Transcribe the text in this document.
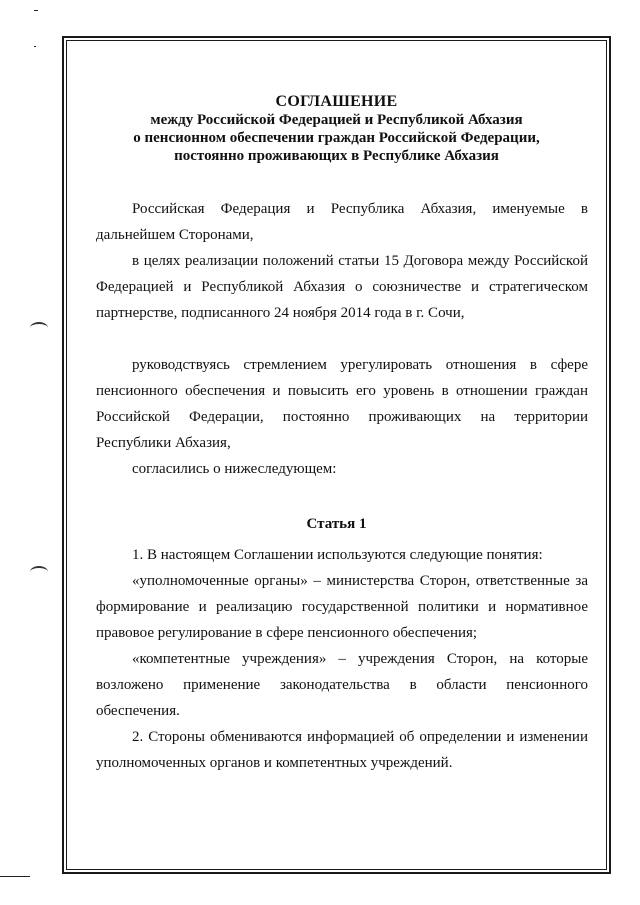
СОГЛАШЕНИЕ
между Российской Федерацией и Республикой Абхазия
о пенсионном обеспечении граждан Российской Федерации,
постоянно проживающих в Республике Абхазия
Российская Федерация и Республика Абхазия, именуемые в дальнейшем Сторонами,
в целях реализации положений статьи 15 Договора между Российской Федерацией и Республикой Абхазия о союзничестве и стратегическом партнерстве, подписанного 24 ноября 2014 года в г. Сочи,
руководствуясь стремлением урегулировать отношения в сфере пенсионного обеспечения и повысить его уровень в отношении граждан Российской Федерации, постоянно проживающих на территории Республики Абхазия,
согласились о нижеследующем:
Статья 1
1. В настоящем Соглашении используются следующие понятия:
«уполномоченные органы» – министерства Сторон, ответственные за формирование и реализацию государственной политики и нормативное правовое регулирование в сфере пенсионного обеспечения;
«компетентные учреждения» – учреждения Сторон, на которые возложено применение законодательства в области пенсионного обеспечения.
2. Стороны обмениваются информацией об определении и изменении уполномоченных органов и компетентных учреждений.
